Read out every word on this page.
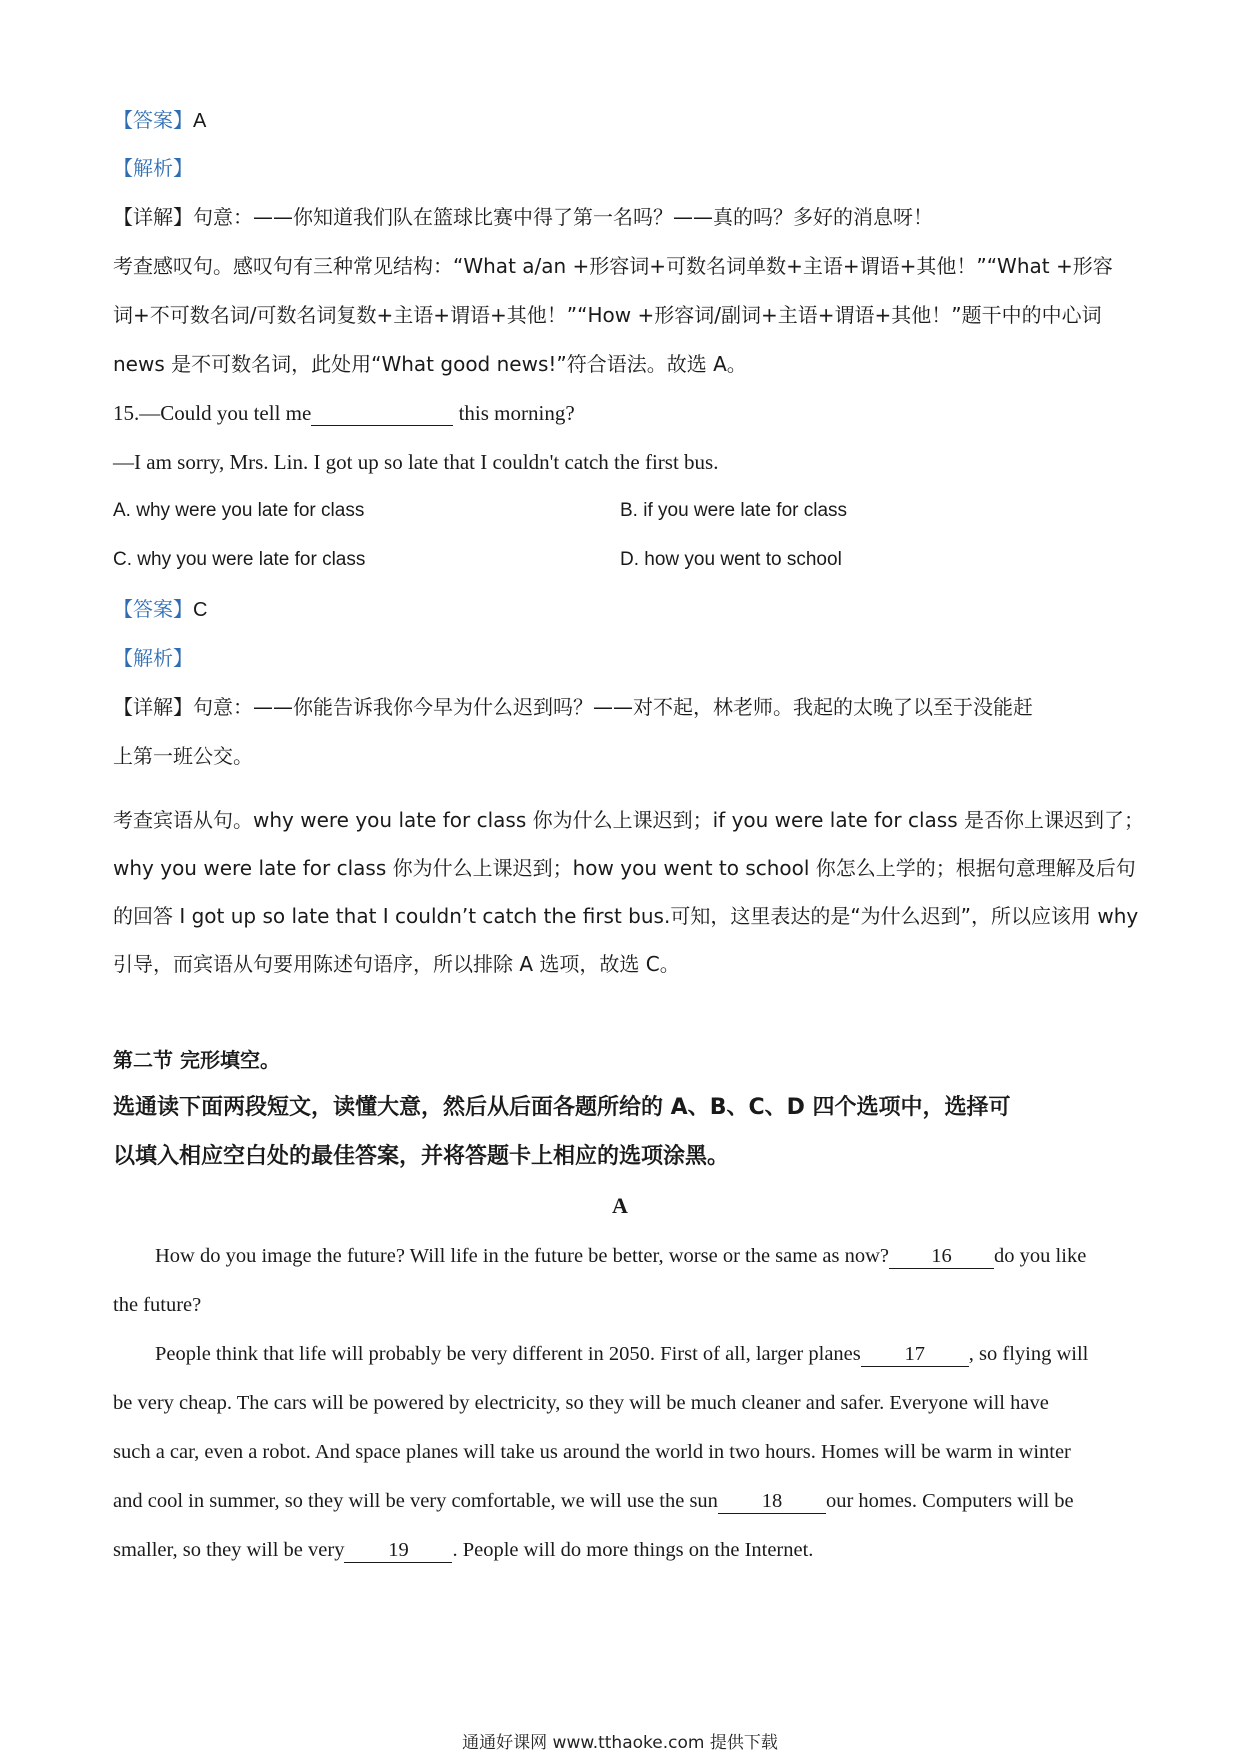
【答案】A
【解析】
【详解】句意：——你知道我们队在篮球比赛中得了第一名吗？——真的吗？多好的消息呀！
考查感叹句。感叹句有三种常见结构：“What a/an +形容词+可数名词单数+主语+谓语+其他！”“What +形容
词+不可数名词/可数名词复数+主语+谓语+其他！”“How +形容词/副词+主语+谓语+其他！”题干中的中心词
news 是不可数名词，此处用“What good news!”符合语法。故选 A。
15.—Could you tell me	this morning?
—I am sorry, Mrs. Lin. I got up so late that I couldn't catch the first bus.
A. why were you late for class	B. if you were late for class
C. why you were late for class	D. how you went to school
【答案】C
【解析】
【详解】句意：——你能告诉我你今早为什么迟到吗？——对不起，林老师。我起的太晚了以至于没能赶
上第一班公交。
考查宾语从句。why were you late for class 你为什么上课迟到；if you were late for class 是否你上课迟到了；
why you were late for class 你为什么上课迟到；how you went to school 你怎么上学的；根据句意理解及后句
的回答 I got up so late that I couldn’t catch the first bus.可知，这里表达的是“为什么迟到”，所以应该用 why
引导，而宾语从句要用陈述句语序，所以排除 A 选项，故选 C。
第二节 完形填空。
选通读下面两段短文，读懂大意，然后从后面各题所给的 A、B、C、D 四个选项中，选择可
以填入相应空白处的最佳答案，并将答题卡上相应的选项涂黑。
A
How do you image the future? Will life in the future be better, worse or the same as now? 16 do you like
the future?
People think that life will probably be very different in 2050. First of all, larger planes 17 , so flying will
be very cheap. The cars will be powered by electricity, so they will be much cleaner and safer. Everyone will have
such a car, even a robot. And space planes will take us around the world in two hours. Homes will be warm in winter
and cool in summer, so they will be very comfortable, we will use the sun 18 our homes. Computers will be
smaller, so they will be very 19 . People will do more things on the Internet.
通通好课网 www.tthaoke.com 提供下载
